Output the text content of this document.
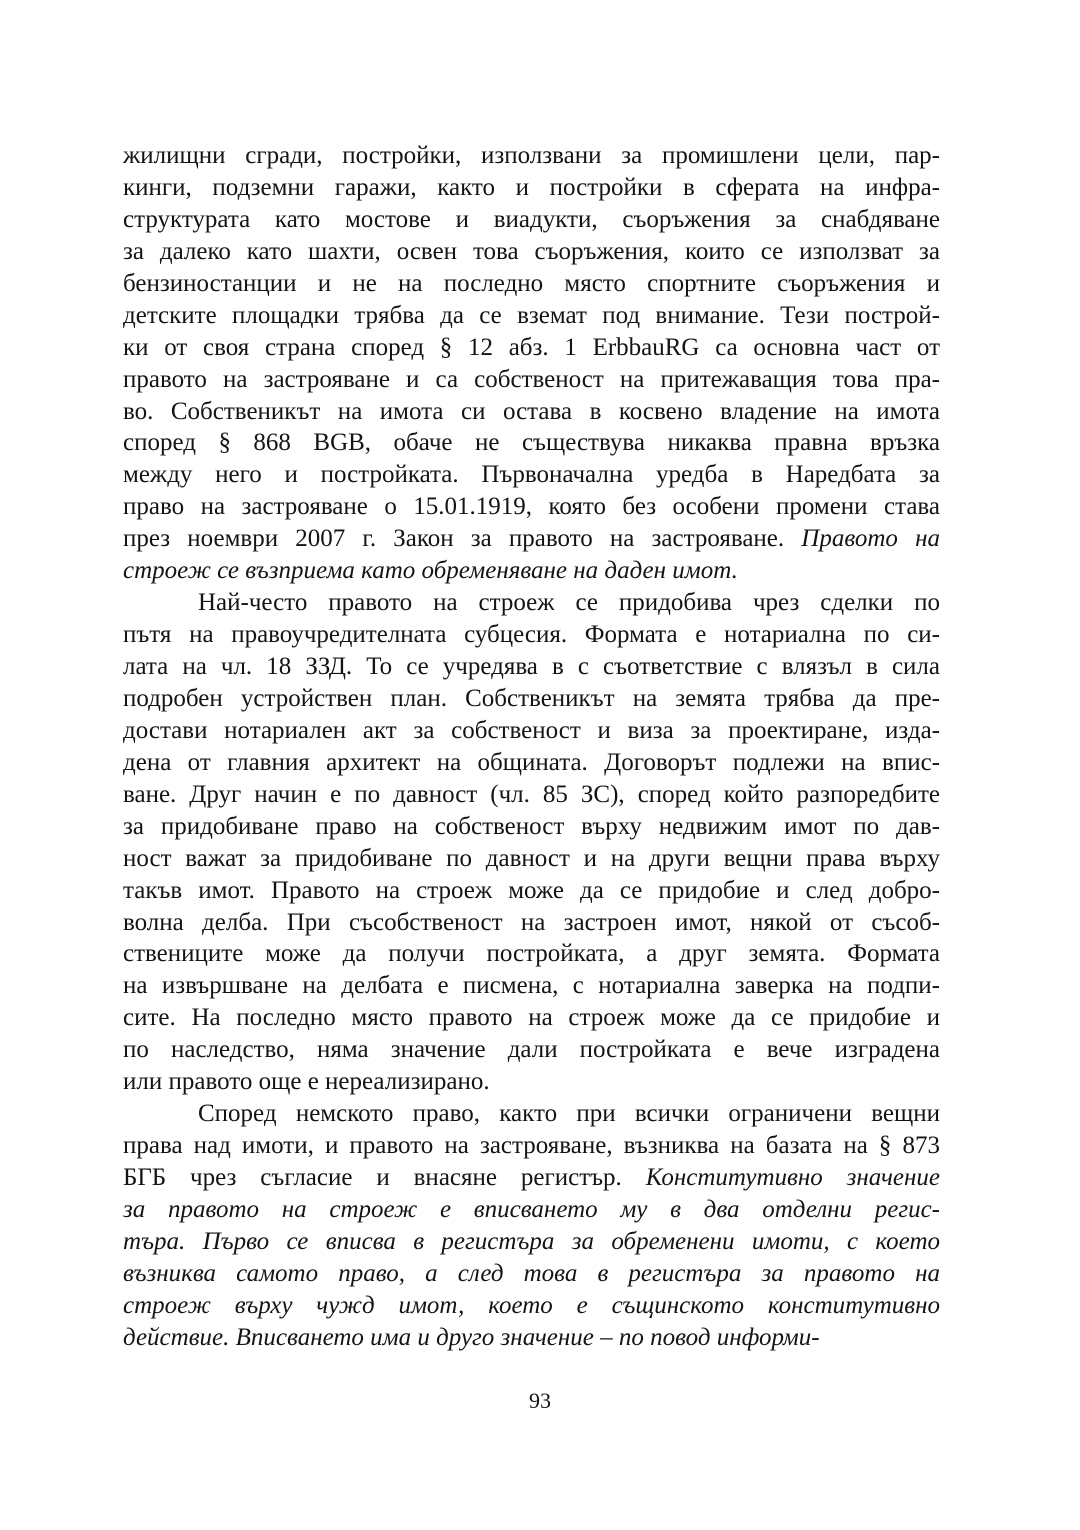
жилищни сгради, постройки, използвани за промишлени цели, пар-
кинги, подземни гаражи, както и постройки в сферата на инфра-
структурата като мостове и виадукти, съоръжения за снабдяване
за далеко като шахти, освен това съоръжения, които се използват за
бензиностанции и не на последно място спортните съоръжения и
детските площадки трябва да се вземат под внимание. Тези построй-
ки от своя страна според § 12 абз. 1 ErbbauRG са основна част от
правото на застрояване и са собственост на притежаващия това пра-
во. Собственикът на имота си остава в косвено владение на имота
според § 868 BGB, обаче не съществува никаква правна връзка
между него и постройката. Първоначална уредба в Наредбата за
право на застрояване о 15.01.1919, която без особени промени става
през ноември 2007 г. Закон за правото на застрояване. Правото на
строеж се възприема като обременяване на даден имот.
Най-често правото на строеж се придобива чрез сделки по
пътя на правоучредителната субцесия. Формата е нотариална по си-
лата на чл. 18 ЗЗД. То се учредява в с съответствие с влязъл в сила
подробен устройствен план. Собственикът на земята трябва да пре-
достави нотариален акт за собственост и виза за проектиране, изда-
дена от главния архитект на общината. Договорът подлежи на впис-
ване. Друг начин е по давност (чл. 85 ЗС), според който разпоредбите
за придобиване право на собственост върху недвижим имот по дав-
ност важат за придобиване по давност и на други вещни права върху
такъв имот. Правото на строеж може да се придобие и след добро-
волна делба. При съсобственост на застроен имот, някой от съсоб-
ствениците може да получи постройката, а друг земята. Формата
на извършване на делбата е писмена, с нотариална заверка на подпи-
сите. На последно място правото на строеж може да се придобие и
по наследство, няма значение дали постройката е вече изградена
или правото още е нереализирано.
Според немското право, както при всички ограничени вещни
права над имоти, и правото на застрояване, възниква на базата на § 873
БГБ чрез съгласие и внасяне регистър. Конститутивно значение
за правото на строеж е вписването му в два отделни регис-
търа. Първо се вписва в регистъра за обременени имоти, с което
възниква самото право, а след това в регистъра за правото на
строеж върху чужд имот, което е същинското конститутивно
действие. Вписването има и друго значение – по повод информи-
93
